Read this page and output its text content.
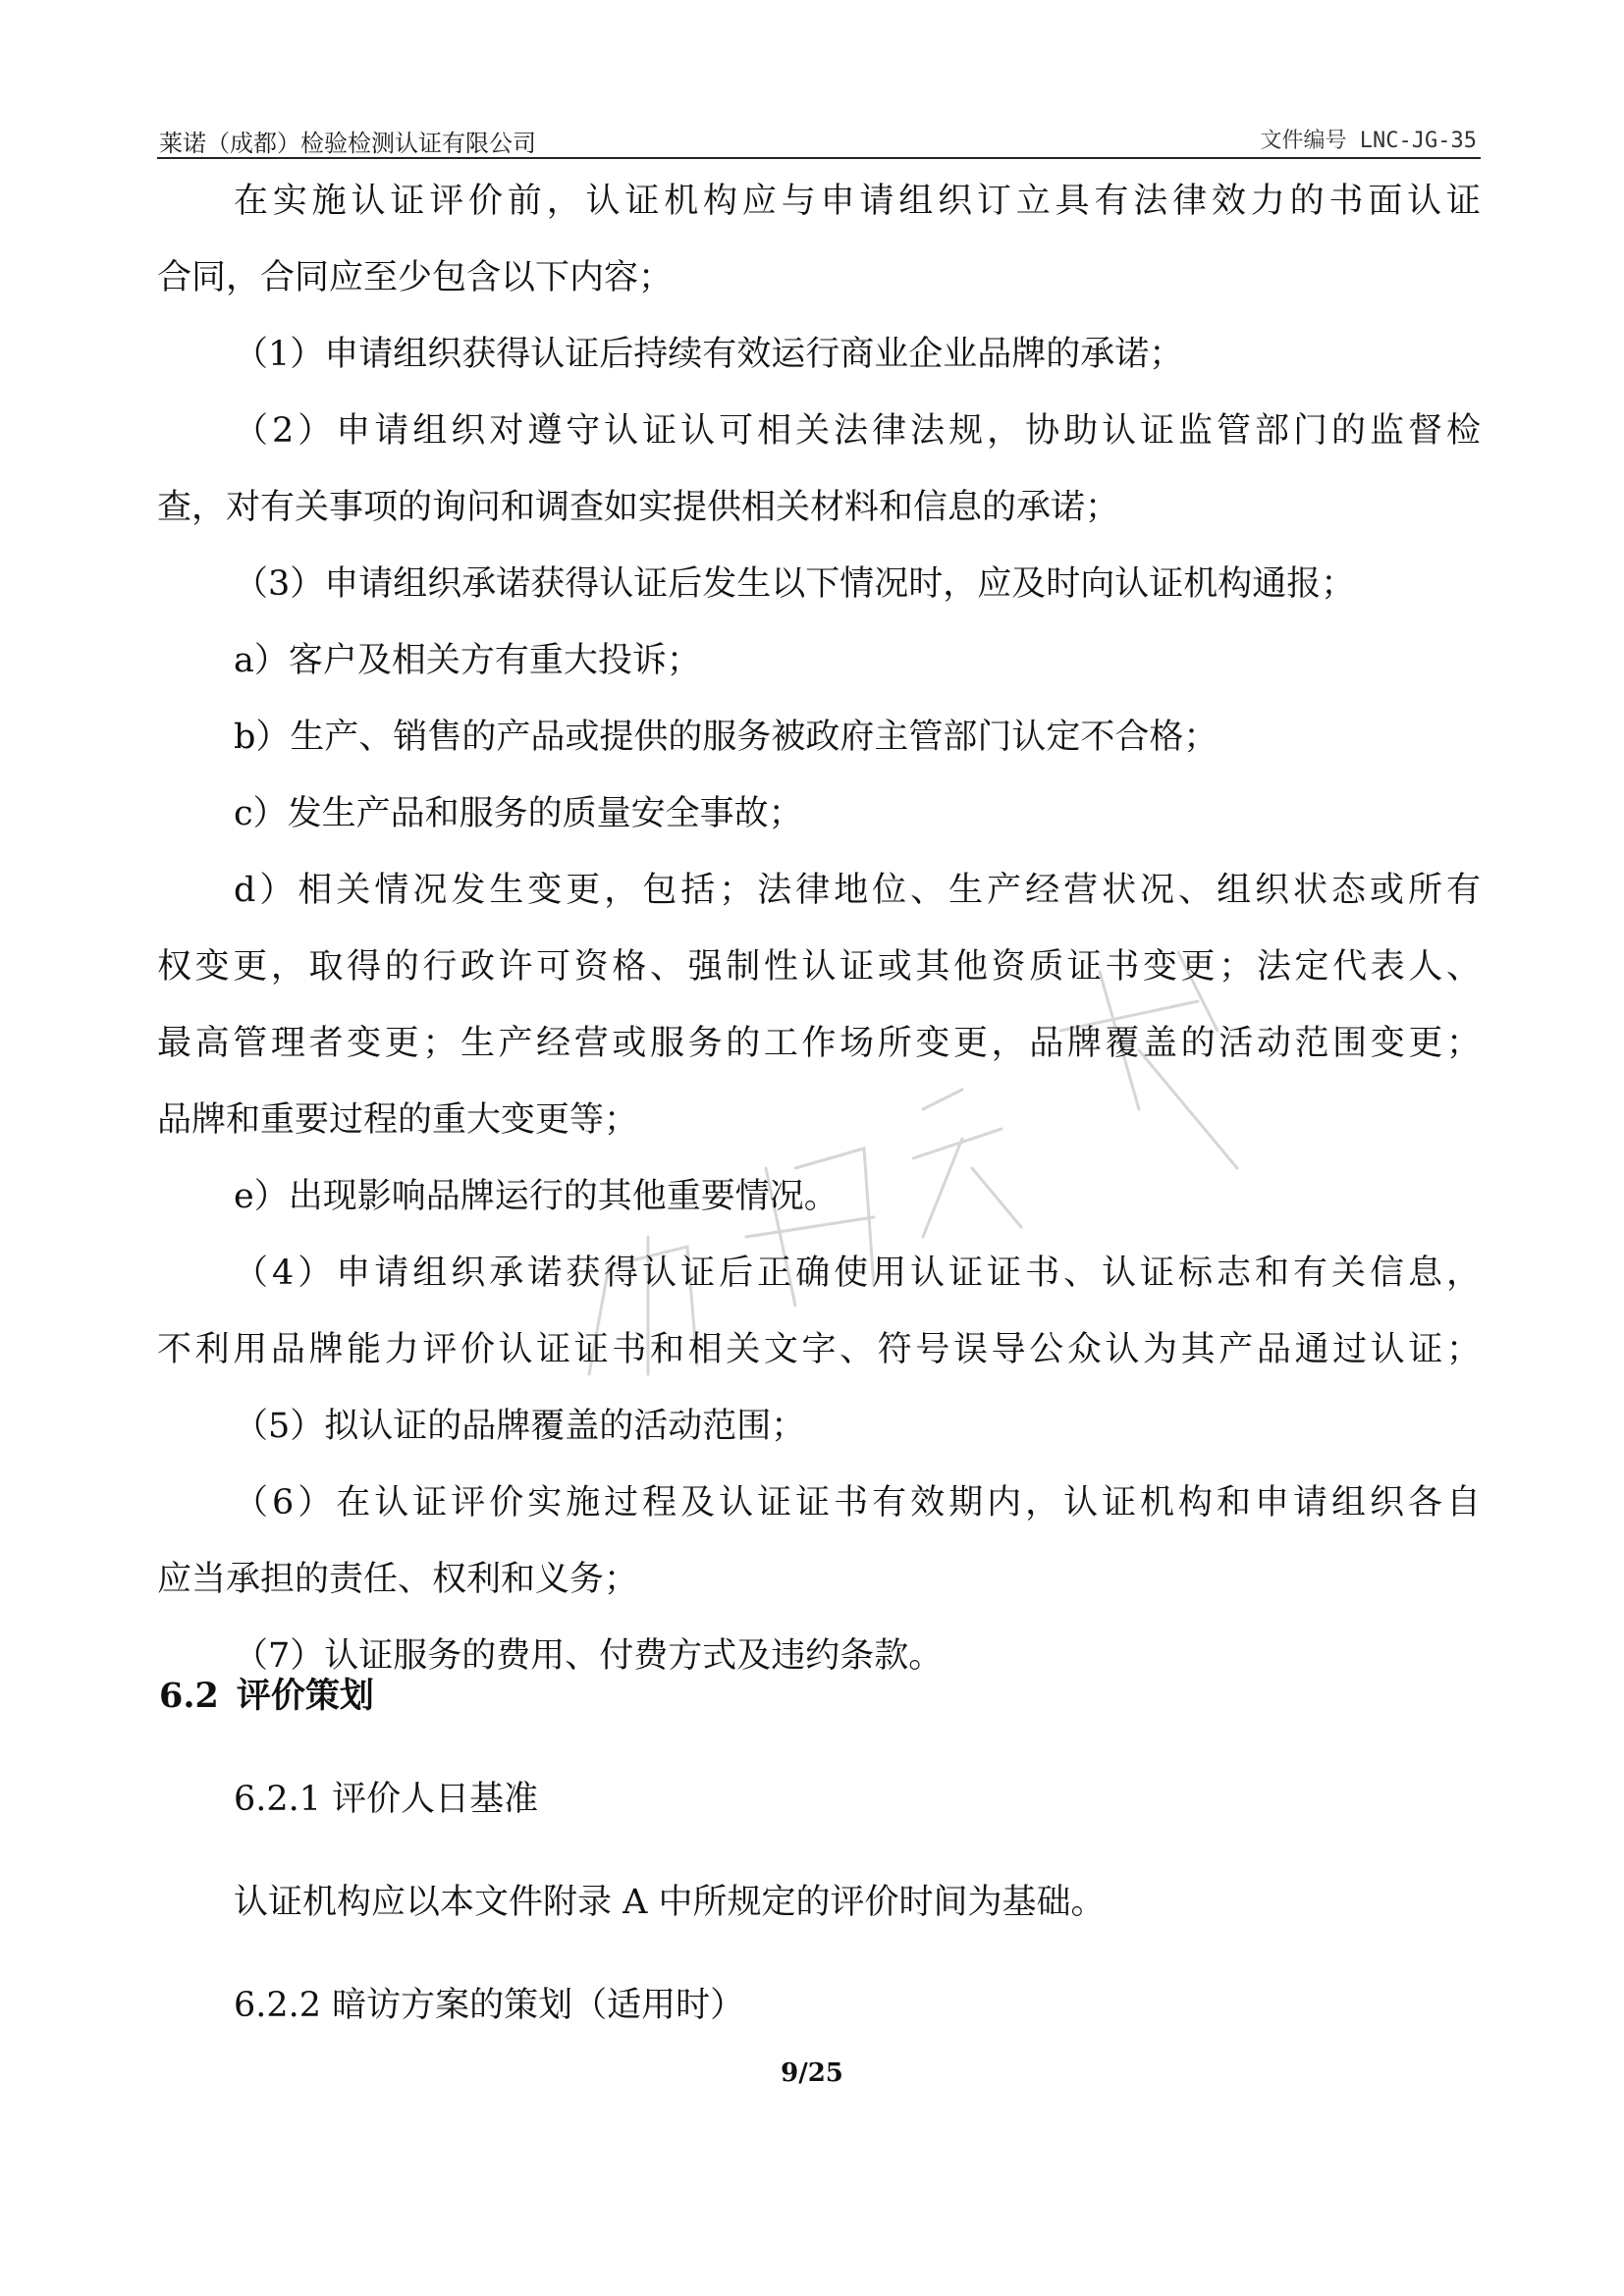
莱诺（成都）检验检测认证有限公司	文件编号 LNC-JG-35
在实施认证评价前，认证机构应与申请组织订立具有法律效力的书面认证
合同，合同应至少包含以下内容；
（1）申请组织获得认证后持续有效运行商业企业品牌的承诺；
（2）申请组织对遵守认证认可相关法律法规，协助认证监管部门的监督检
查，对有关事项的询问和调查如实提供相关材料和信息的承诺；
（3）申请组织承诺获得认证后发生以下情况时，应及时向认证机构通报；
a）客户及相关方有重大投诉；
b）生产、销售的产品或提供的服务被政府主管部门认定不合格；
c）发生产品和服务的质量安全事故；
d）相关情况发生变更，包括；法律地位、生产经营状况、组织状态或所有
权变更，取得的行政许可资格、强制性认证或其他资质证书变更；法定代表人、
最高管理者变更；生产经营或服务的工作场所变更，品牌覆盖的活动范围变更；
品牌和重要过程的重大变更等；
e）出现影响品牌运行的其他重要情况。
（4）申请组织承诺获得认证后正确使用认证证书、认证标志和有关信息，
不利用品牌能力评价认证证书和相关文字、符号误导公众认为其产品通过认证；
（5）拟认证的品牌覆盖的活动范围；
（6）在认证评价实施过程及认证证书有效期内，认证机构和申请组织各自
应当承担的责任、权利和义务；
（7）认证服务的费用、付费方式及违约条款。
6.2 评价策划
6.2.1 评价人日基准
认证机构应以本文件附录 A 中所规定的评价时间为基础。
6.2.2 暗访方案的策划（适用时）
9/25
